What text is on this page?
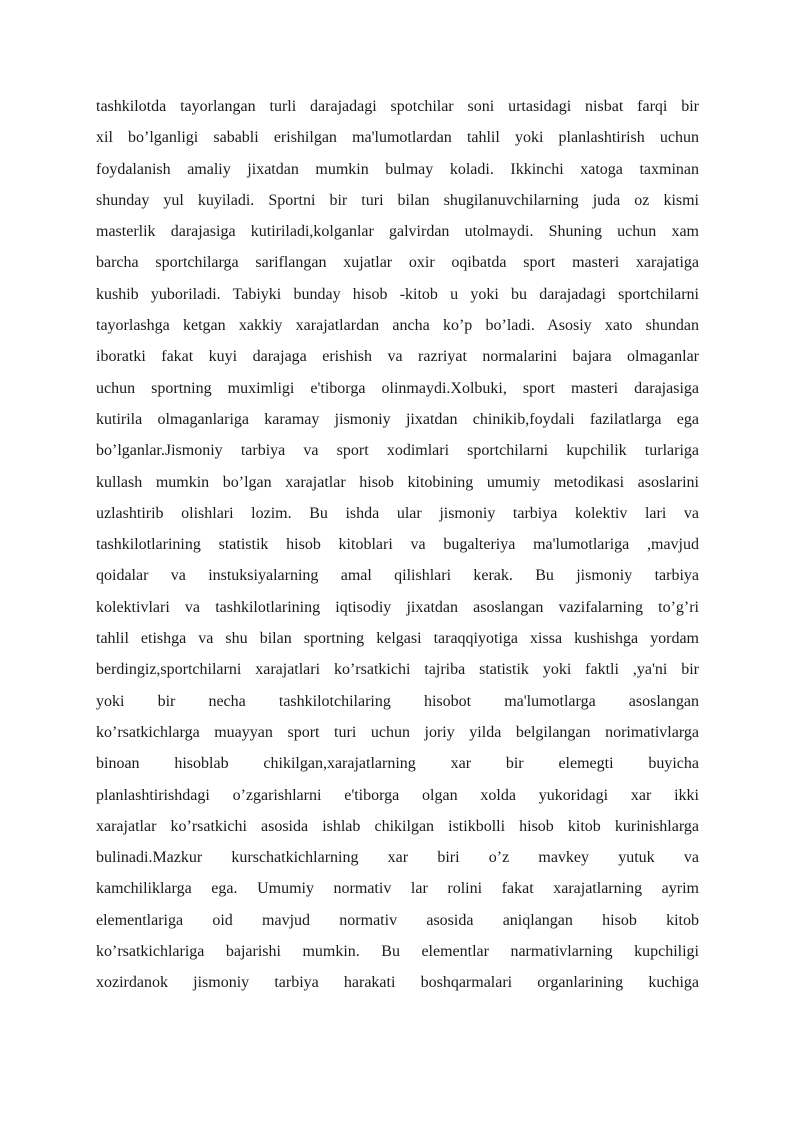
tashkilotda tayorlangan turli darajadagi spotchilar soni urtasidagi nisbat farqi bir
xil bo’lganligi sababli erishilgan ma'lumotlardan tahlil yoki planlashtirish uchun
foydalanish amaliy jixatdan mumkin bulmay koladi. Ikkinchi xatoga taxminan
shunday yul kuyiladi. Sportni bir turi bilan shugilanuvchilarning juda oz kismi
masterlik darajasiga kutiriladi,kolganlar galvirdan utolmaydi. Shuning uchun xam
barcha sportchilarga sariflangan xujatlar oxir oqibatda sport masteri xarajatiga
kushib yuboriladi. Tabiyki bunday hisob -kitob u yoki bu darajadagi sportchilarni
tayorlashga ketgan xakkiy xarajatlardan ancha ko’p bo’ladi. Asosiy xato shundan
iboratki fakat kuyi darajaga erishish va razriyat normalarini bajara olmaganlar
uchun sportning muximligi e'tiborga olinmaydi.Xolbuki, sport masteri darajasiga
kutirila olmaganlariga karamay jismoniy jixatdan chinikib,foydali fazilatlarga ega
bo’lganlar.Jismoniy tarbiya va sport xodimlari sportchilarni kupchilik turlariga
kullash mumkin bo’lgan xarajatlar hisob kitobining umumiy metodikasi asoslarini
uzlashtirib olishlari lozim. Bu ishda ular jismoniy tarbiya kolektiv lari va
tashkilotlarining statistik hisob kitoblari va bugalteriya ma'lumotlariga ,mavjud
qoidalar va instuksiyalarning amal qilishlari kerak. Bu jismoniy tarbiya
kolektivlari va tashkilotlarining iqtisodiy jixatdan asoslangan vazifalarning to’g’ri
tahlil etishga va shu bilan sportning kelgasi taraqqiyotiga xissa kushishga yordam
berdingiz,sportchilarni xarajatlari ko’rsatkichi tajriba statistik yoki faktli ,ya'ni bir
yoki bir necha tashkilotchilaring hisobot ma'lumotlarga asoslangan
ko’rsatkichlarga muayyan sport turi uchun joriy yilda belgilangan norimativlarga
binoan hisoblab chikilgan,xarajatlarning xar bir elemegti buyicha
planlashtirishdagi o’zgarishlarni e'tiborga olgan xolda yukoridagi xar ikki
xarajatlar ko’rsatkichi asosida ishlab chikilgan istikbolli hisob kitob kurinishlarga
bulinadi.Mazkur kurschatkichlarning xar biri o’z mavkey yutuk va
kamchiliklarga ega. Umumiy normativ lar rolini fakat xarajatlarning ayrim
elementlariga oid mavjud normativ asosida aniqlangan hisob kitob
ko’rsatkichlariga bajarishi mumkin. Bu elementlar narmativlarning kupchiligi
xozirdanok jismoniy tarbiya harakati boshqarmalari organlarining kuchiga
